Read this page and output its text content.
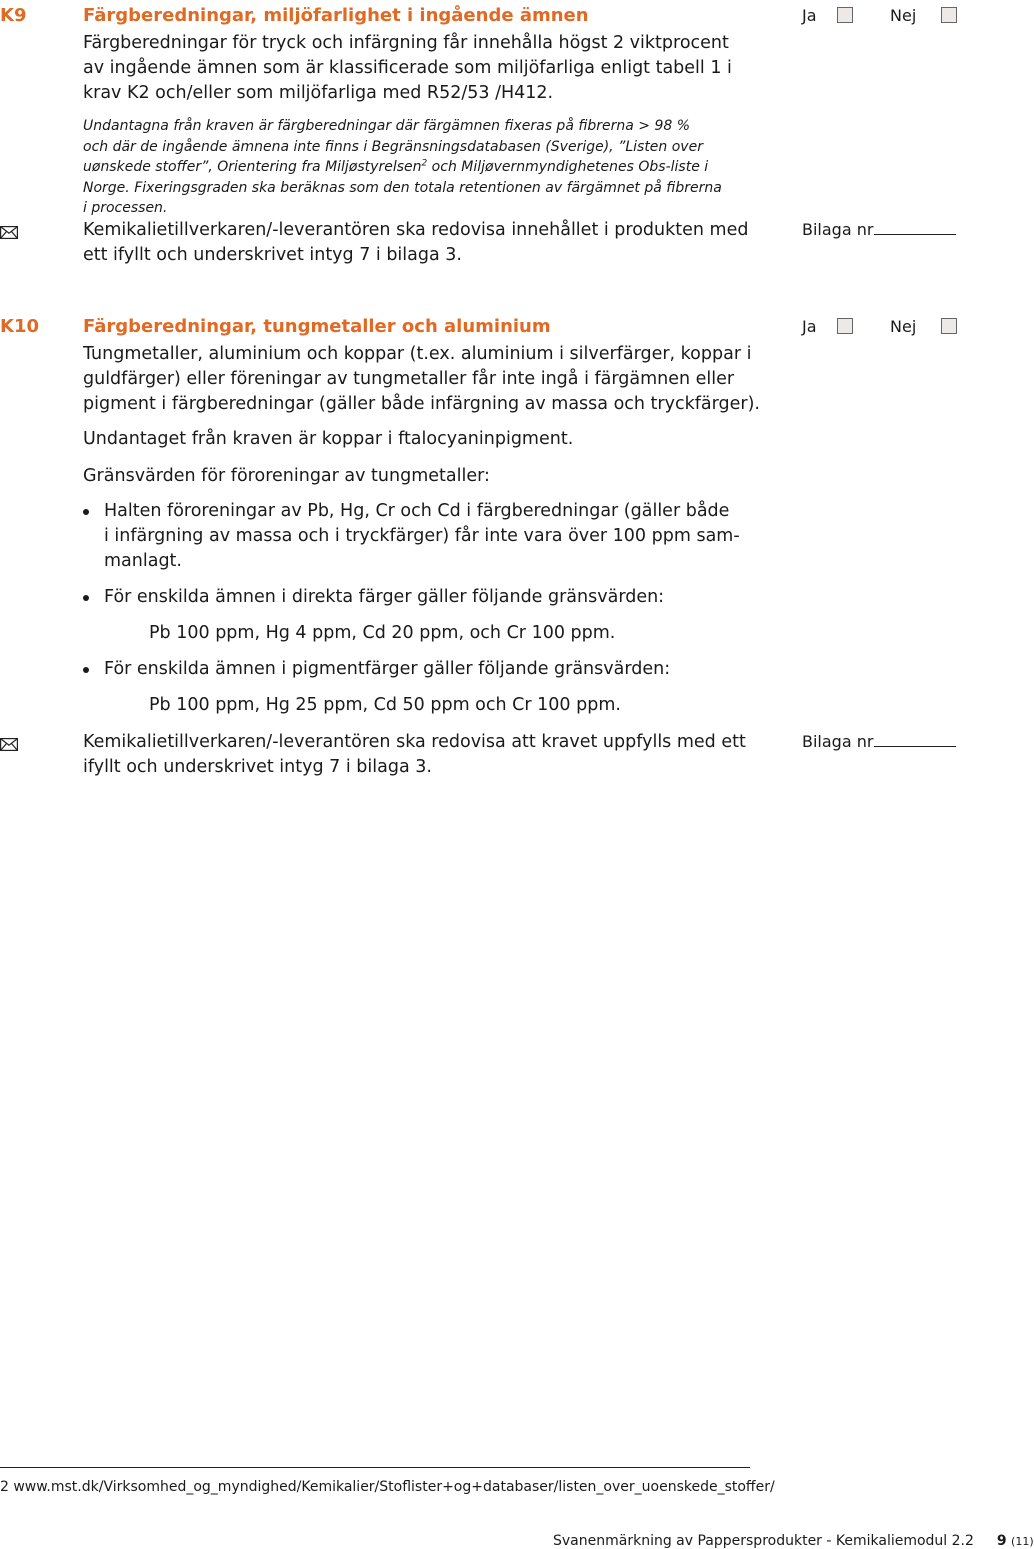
K9	Färgberedningar, miljöfarlighet i ingående ämnen
Färgberedningar för tryck och infärgning får innehålla högst 2 viktprocent
av ingående ämnen som är klassificerade som miljöfarliga enligt tabell 1 i
krav K2 och/eller som miljöfarliga med R52/53 /H412.
Undantagna från kraven är färgberedningar där färgämnen fixeras på fibrerna > 98 %
och där de ingående ämnena inte finns i Begränsningsdatabasen (Sverige), ”Listen over
uønskede stoffer”, Orientering fra Miljøstyrelsen$^2$ och Miljøvernmyndighetenes Obs-liste i
Norge. Fixeringsgraden ska beräknas som den totala retentionen av färgämnet på fibrerna
i processen.
Kemikalietillverkaren/-leverantören ska redovisa innehållet i produkten med
ett ifyllt och underskrivet intyg 7 i bilaga 3.
Ja	Nej
Bilaga nr
K10 Färgberedningar, tungmetaller och aluminium
Tungmetaller, aluminium och koppar (t.ex. aluminium i silverfärger, koppar i
guldfärger) eller föreningar av tungmetaller får inte ingå i färgämnen eller
pigment i färgberedningar (gäller både infärgning av massa och tryckfärger).
Undantaget från kraven är koppar i ftalocyaninpigment.
Gränsvärden för föroreningar av tungmetaller:
Halten föroreningar av Pb, Hg, Cr och Cd i färgberedningar (gäller både
i infärgning av massa och i tryckfärger) får inte vara över 100 ppm sam-
manlagt.
För enskilda ämnen i direkta färger gäller följande gränsvärden:
Pb 100 ppm, Hg 4 ppm, Cd 20 ppm, och Cr 100 ppm.
För enskilda ämnen i pigmentfärger gäller följande gränsvärden:
Pb 100 ppm, Hg 25 ppm, Cd 50 ppm och Cr 100 ppm.
Kemikalietillverkaren/-leverantören ska redovisa att kravet uppfylls med ett
ifyllt och underskrivet intyg 7 i bilaga 3.
Ja	Nej
Bilaga nr
2 www.mst.dk/Virksomhed_og_myndighed/Kemikalier/Stoflister+og+databaser/listen_over_uoenskede_stoffer/
Svanenmärkning av Pappersprodukter - Kemikaliemodul 2.2 9 (11)
